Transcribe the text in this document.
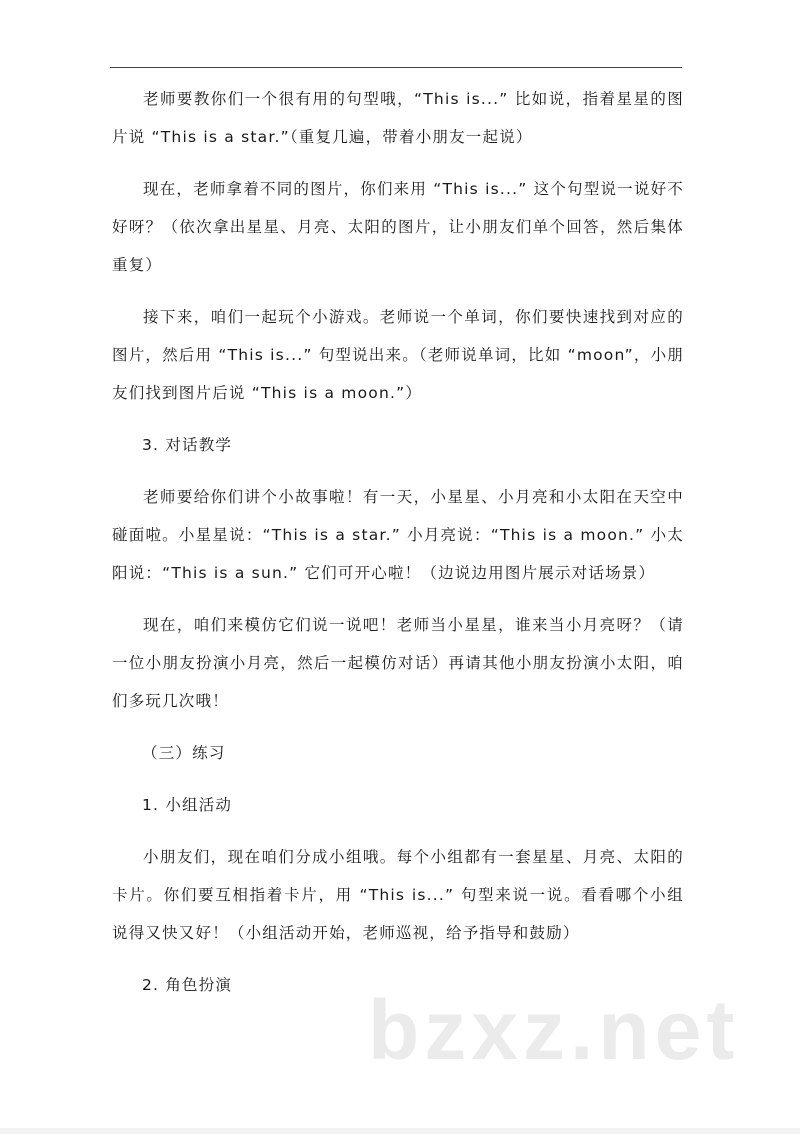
老师要教你们一个很有用的句型哦，“This is...” 比如说，指着星星的图片说 “This is a star.”（重复几遍，带着小朋友一起说）

现在，老师拿着不同的图片，你们来用 “This is...” 这个句型说一说好不好呀？（依次拿出星星、月亮、太阳的图片，让小朋友们单个回答，然后集体重复）

接下来，咱们一起玩个小游戏。老师说一个单词，你们要快速找到对应的图片，然后用 “This is...” 句型说出来。（老师说单词，比如 “moon”，小朋友们找到图片后说 “This is a moon.”）

3. 对话教学

老师要给你们讲个小故事啦！有一天，小星星、小月亮和小太阳在天空中碰面啦。小星星说：“This is a star.” 小月亮说：“This is a moon.” 小太阳说：“This is a sun.” 它们可开心啦！（边说边用图片展示对话场景）

现在，咱们来模仿它们说一说吧！老师当小星星，谁来当小月亮呀？（请一位小朋友扮演小月亮，然后一起模仿对话）再请其他小朋友扮演小太阳，咱们多玩几次哦！

（三）练习

1. 小组活动

小朋友们，现在咱们分成小组哦。每个小组都有一套星星、月亮、太阳的卡片。你们要互相指着卡片，用 “This is...” 句型来说一说。看看哪个小组说得又快又好！（小组活动开始，老师巡视，给予指导和鼓励）

2. 角色扮演	bzxz.net
